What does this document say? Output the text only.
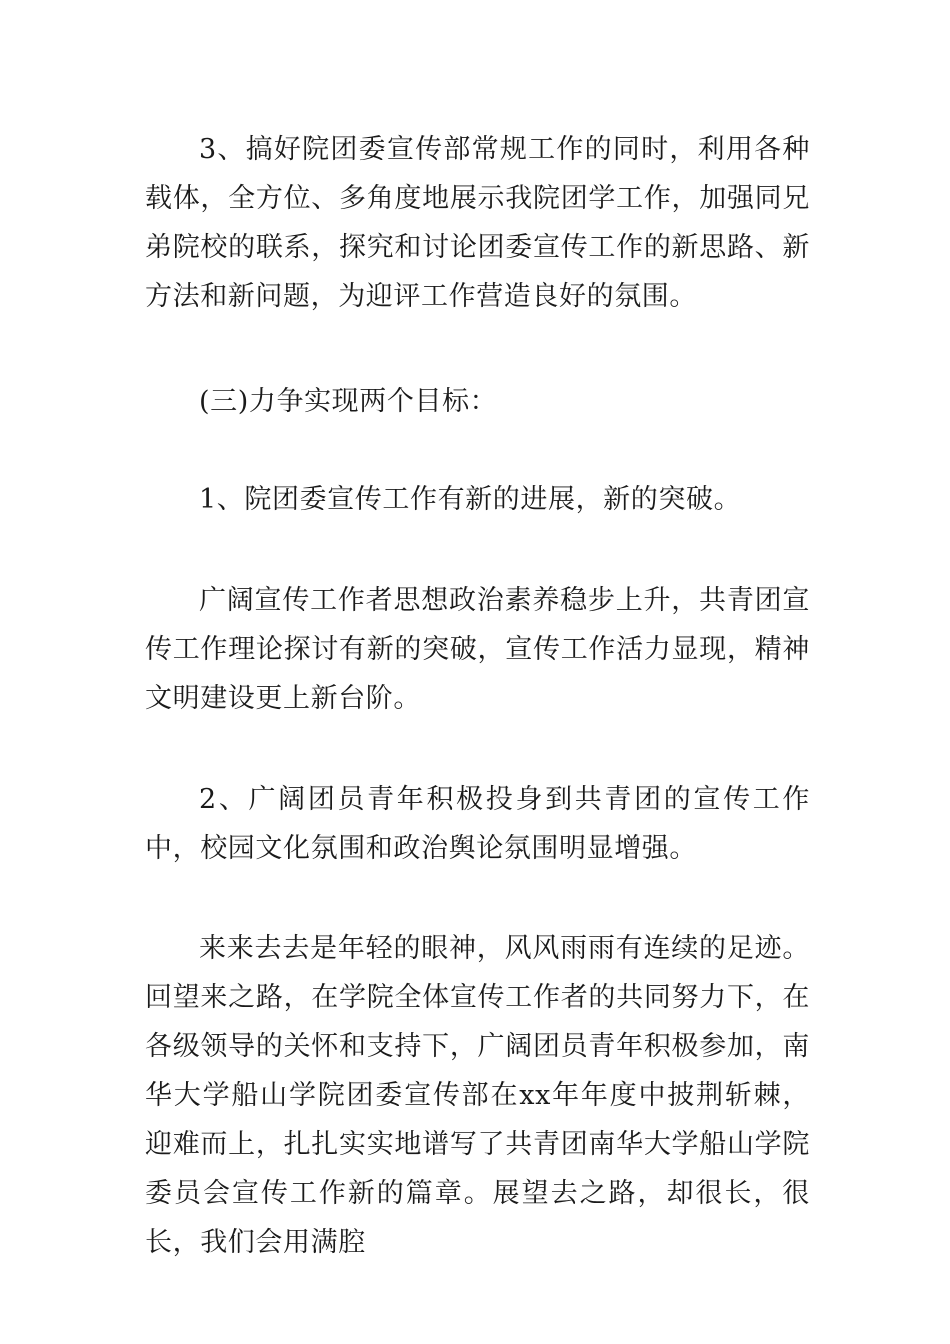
3、搞好院团委宣传部常规工作的同时，利用各种载体，全方位、多角度地展示我院团学工作，加强同兄弟院校的联系，探究和讨论团委宣传工作的新思路、新方法和新问题，为迎评工作营造良好的氛围。

(三)力争实现两个目标：

1、院团委宣传工作有新的进展，新的突破。

广阔宣传工作者思想政治素养稳步上升，共青团宣传工作理论探讨有新的突破，宣传工作活力显现，精神文明建设更上新台阶。

2、广阔团员青年积极投身到共青团的宣传工作中，校园文化氛围和政治舆论氛围明显增强。

来来去去是年轻的眼神，风风雨雨有连续的足迹。回望来之路，在学院全体宣传工作者的共同努力下，在各级领导的关怀和支持下，广阔团员青年积极参加，南华大学船山学院团委宣传部在xx年年度中披荆斩棘，迎难而上，扎扎实实地谱写了共青团南华大学船山学院委员会宣传工作新的篇章。展望去之路，却很长，很长，我们会用满腔
